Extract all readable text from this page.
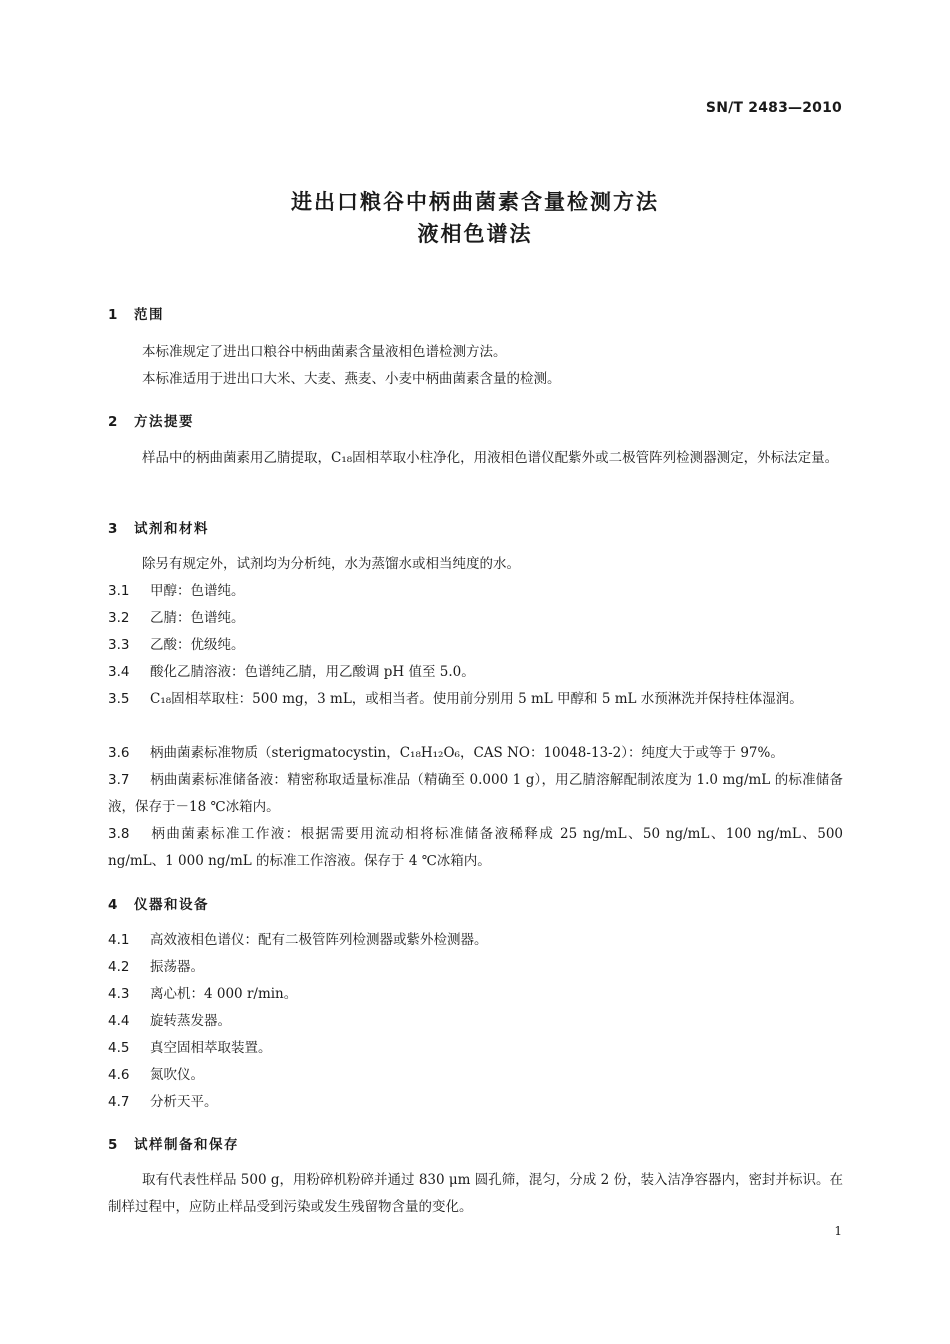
SN/T 2483—2010
进出口粮谷中柄曲菌素含量检测方法
液相色谱法
1 范围
本标准规定了进出口粮谷中柄曲菌素含量液相色谱检测方法。
本标准适用于进出口大米、大麦、燕麦、小麦中柄曲菌素含量的检测。
2 方法提要
样品中的柄曲菌素用乙腈提取，C₁₈固相萃取小柱净化，用液相色谱仪配紫外或二极管阵列检测器测定，外标法定量。
3 试剂和材料
除另有规定外，试剂均为分析纯，水为蒸馏水或相当纯度的水。
3.1 甲醇：色谱纯。
3.2 乙腈：色谱纯。
3.3 乙酸：优级纯。
3.4 酸化乙腈溶液：色谱纯乙腈，用乙酸调 pH 值至 5.0。
3.5 C₁₈固相萃取柱：500 mg，3 mL，或相当者。使用前分别用 5 mL 甲醇和 5 mL 水预淋洗并保持柱体湿润。
3.6 柄曲菌素标准物质（sterigmatocystin，C₁₈H₁₂O₆，CAS NO：10048-13-2）：纯度大于或等于 97%。
3.7 柄曲菌素标准储备液：精密称取适量标准品（精确至 0.000 1 g），用乙腈溶解配制浓度为 1.0 mg/mL 的标准储备液，保存于－18 ℃冰箱内。
3.8 柄曲菌素标准工作液：根据需要用流动相将标准储备液稀释成 25 ng/mL、50 ng/mL、100 ng/mL、500 ng/mL、1 000 ng/mL 的标准工作溶液。保存于 4 ℃冰箱内。
4 仪器和设备
4.1 高效液相色谱仪：配有二极管阵列检测器或紫外检测器。
4.2 振荡器。
4.3 离心机：4 000 r/min。
4.4 旋转蒸发器。
4.5 真空固相萃取装置。
4.6 氮吹仪。
4.7 分析天平。
5 试样制备和保存
取有代表性样品 500 g，用粉碎机粉碎并通过 830 μm 圆孔筛，混匀，分成 2 份，装入洁净容器内，密封并标识。在制样过程中，应防止样品受到污染或发生残留物含量的变化。
1
